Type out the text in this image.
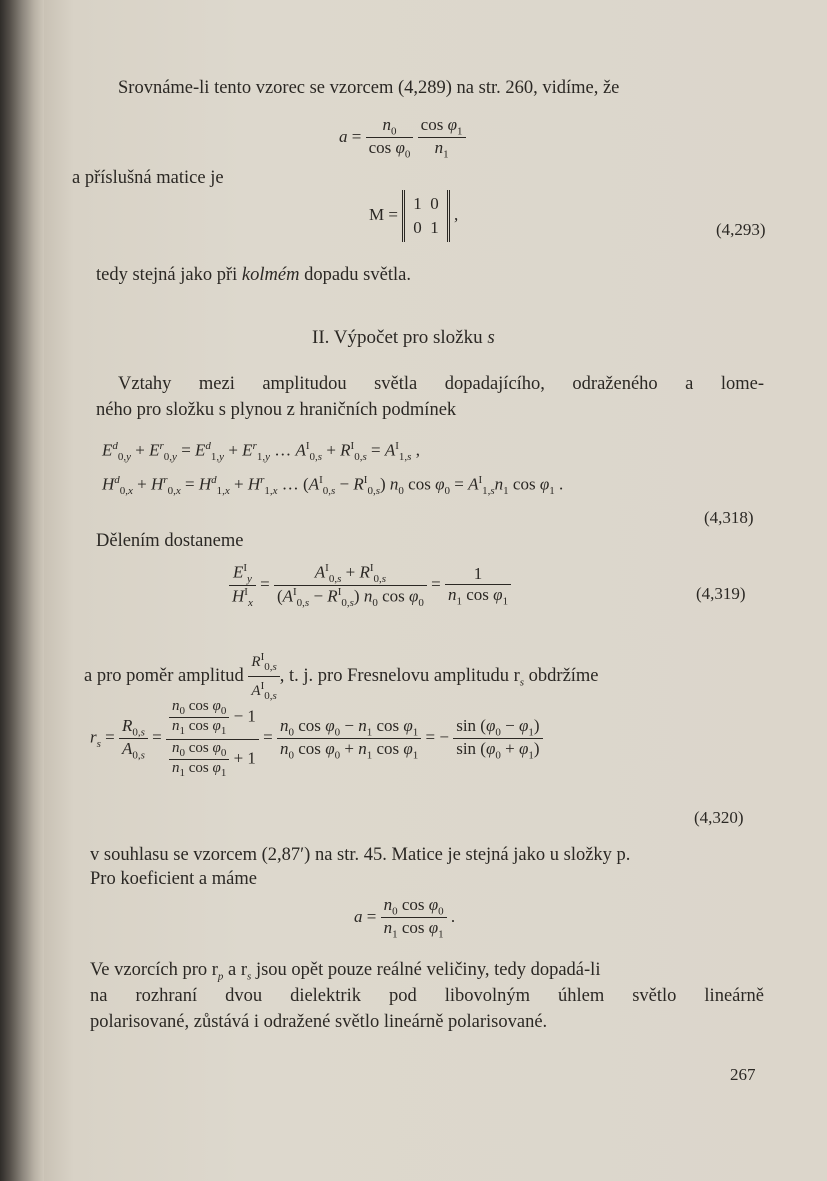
Srovnáme-li tento vzorec se vzorcem (4,289) na str. 260, vidíme, že
$a = \frac{n_0}{\cos \varphi_0}$
$\frac{\cos \varphi_1}{n_1}$
a příslušná matice je
M =
1  0
0  1
,
(4,293)
tedy stejná jako při kolmém dopadu světla.
II. Výpočet pro složku s
Vztahy mezi amplitudou světla dopadajícího, odraženého a lome-
ného pro složku s plynou z hraničních podmínek
$E^d_{0,y} + E^r_{0,y} = E^d_{1,y} + E^r_{1,y}$ … $A^I_{0,s} + R^I_{0,s} = A^I_{1,s}$ ,
$H^d_{0,x} + H^r_{0,x} = H^d_{1,x} + H^r_{1,x}$ … $(A^I_{0,s} - R^I_{0,s})$ $n_0$ $\cos \varphi_0 = A^I_{1,s}n_1$ $\cos \varphi_1$ .
(4,318)
Dělením dostaneme
$\frac{E^I_y}{H^I_x} = \frac{A^I_{0,s} + R^I_{0,s}}{(A^I_{0,s} - R^I_{0,s}) n_0 \cos \varphi_0} = \frac{1}{n_1 \cos \varphi_1}$	(4,319)
a pro poměr amplitud $\frac{R^I_{0,s}}{A^I_{0,s}}$ , t. j. pro Fresnelovu amplitudu $r_s$ obdržíme
$r_s = \frac{R_{0,s}}{A_{0,s}} = \frac{\frac{n_0 \cos \varphi_0}{n_1 \cos \varphi_1} - 1}{\frac{n_0 \cos \varphi_0}{n_1 \cos \varphi_1} + 1} = \frac{n_0 \cos \varphi_0 - n_1 \cos \varphi_1}{n_0 \cos \varphi_0 + n_1 \cos \varphi_1}$ = − $\frac{\sin (\varphi_0 - \varphi_1)}{\sin (\varphi_0 + \varphi_1)}$
(4,320)
v souhlasu se vzorcem (2,87′) na str. 45. Matice je stejná jako u složky p.
Pro koeficient a máme
$a = \frac{n_0 \cos \varphi_0}{n_1 \cos \varphi_1}$ .
Ve vzorcích pro $r_p$ a $r_s$ jsou opět pouze reálné veličiny, tedy dopadá-li
na rozhraní dvou dielektrik pod libovolným úhlem světlo lineárně
polarisované, zůstává i odražené světlo lineárně polarisované.
267
